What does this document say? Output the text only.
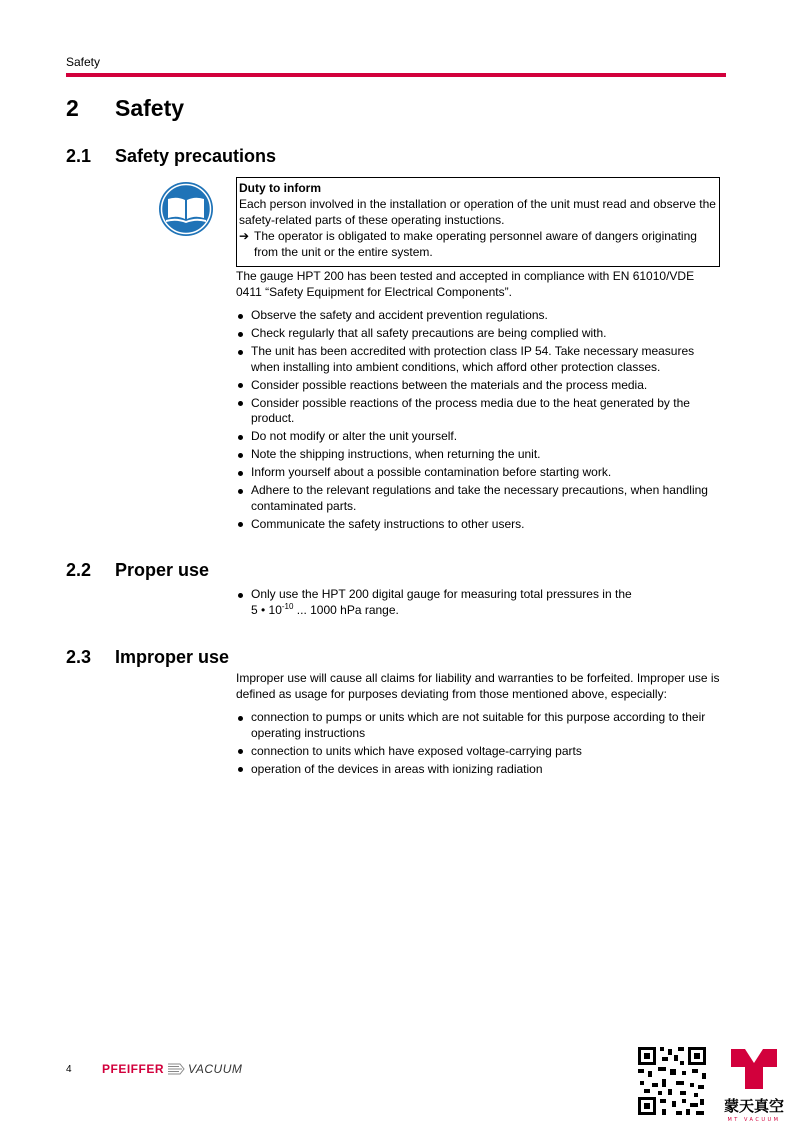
Safety
2 Safety
2.1 Safety precautions
Duty to inform
Each person involved in the installation or operation of the unit must read and observe the safety-related parts of these operating instuctions.
➔ The operator is obligated to make operating personnel aware of dangers originating from the unit or the entire system.
The gauge HPT 200 has been tested and accepted in compliance with EN 61010/VDE 0411 “Safety Equipment for Electrical Components”.
Observe the safety and accident prevention regulations.
Check regularly that all safety precautions are being complied with.
The unit has been accredited with protection class IP 54. Take necessary measures when installing into ambient conditions, which afford other protection classes.
Consider possible reactions between the materials and the process media.
Consider possible reactions of the process media due to the heat generated by the product.
Do not modify or alter the unit yourself.
Note the shipping instructions, when returning the unit.
Inform yourself about a possible contamination before starting work.
Adhere to the relevant regulations and take the necessary precautions, when handling contaminated parts.
Communicate the safety instructions to other users.
2.2 Proper use
Only use the HPT 200 digital gauge for measuring total pressures in the
5 • $10^{-10}$ ... 1000 hPa range.
2.3 Improper use
Improper use will cause all claims for liability and warranties to be forfeited. Improper use is defined as usage for purposes deviating from those mentioned above, especially:
connection to pumps or units which are not suitable for this purpose according to their operating instructions
connection to units which have exposed voltage-carrying parts
operation of the devices in areas with ionizing radiation
4	PFEIFFER VACUUM
蒙天真空
MT VACUUM
